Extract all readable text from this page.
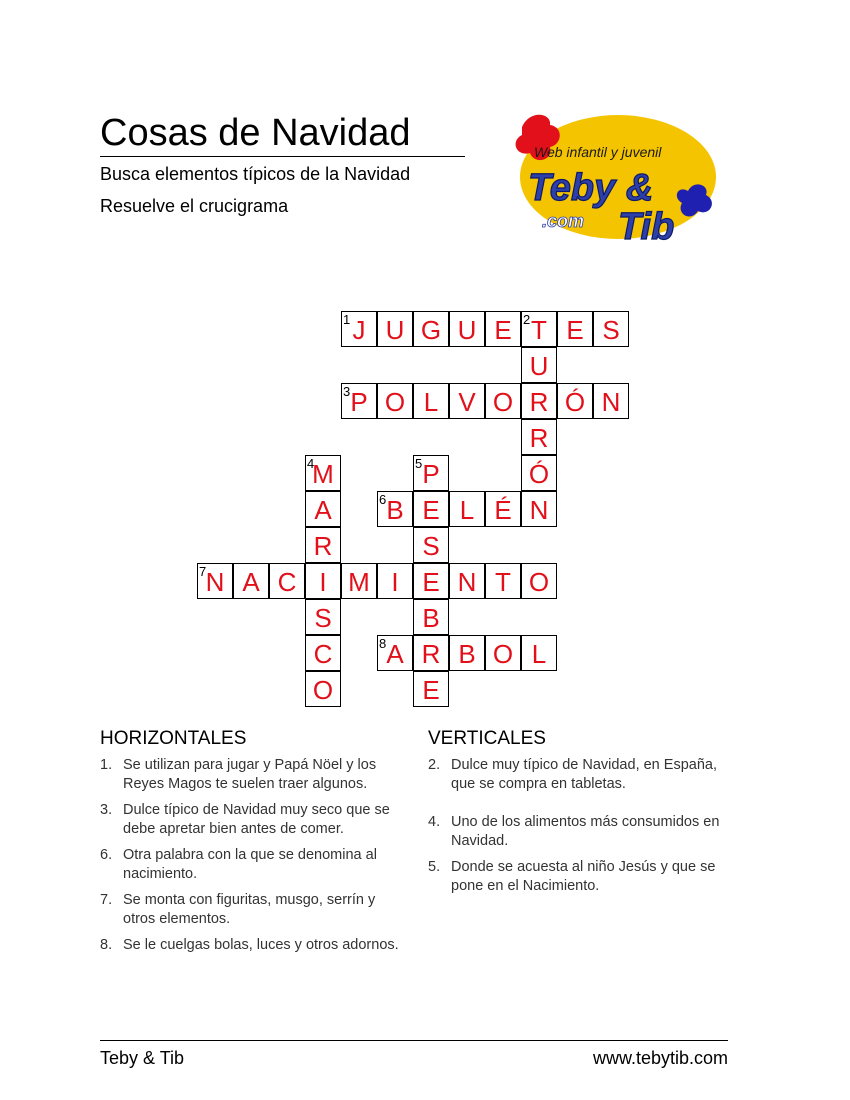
Cosas de Navidad
Busca elementos típicos de la Navidad
Resuelve el crucigrama
Web infantil y juvenil
Teby &
.com Tib
J U G U E T E S
U
R
R
Ó
N
P O L V O Ó N
M
A
R
I
S
C
O
P
E
S
E
B
R
E
B	L É
N A C M I	N T O
A	B O L
1	2
3
4	5
6
7
8
HORIZONTALES	VERTICALES
1. Se utilizan para jugar y Papá Nöel y los Reyes Magos te suelen traer algunos.
3. Dulce típico de Navidad muy seco que se debe apretar bien antes de comer.
6. Otra palabra con la que se denomina al nacimiento.
7. Se monta con figuritas, musgo, serrín y otros elementos.
8. Se le cuelgas bolas, luces y otros adornos.
2. Dulce muy típico de Navidad, en España, que se compra en tabletas.
4. Uno de los alimentos más consumidos en Navidad.
5. Donde se acuesta al niño Jesús y que se pone en el Nacimiento.
Teby & Tib	www.tebytib.com
